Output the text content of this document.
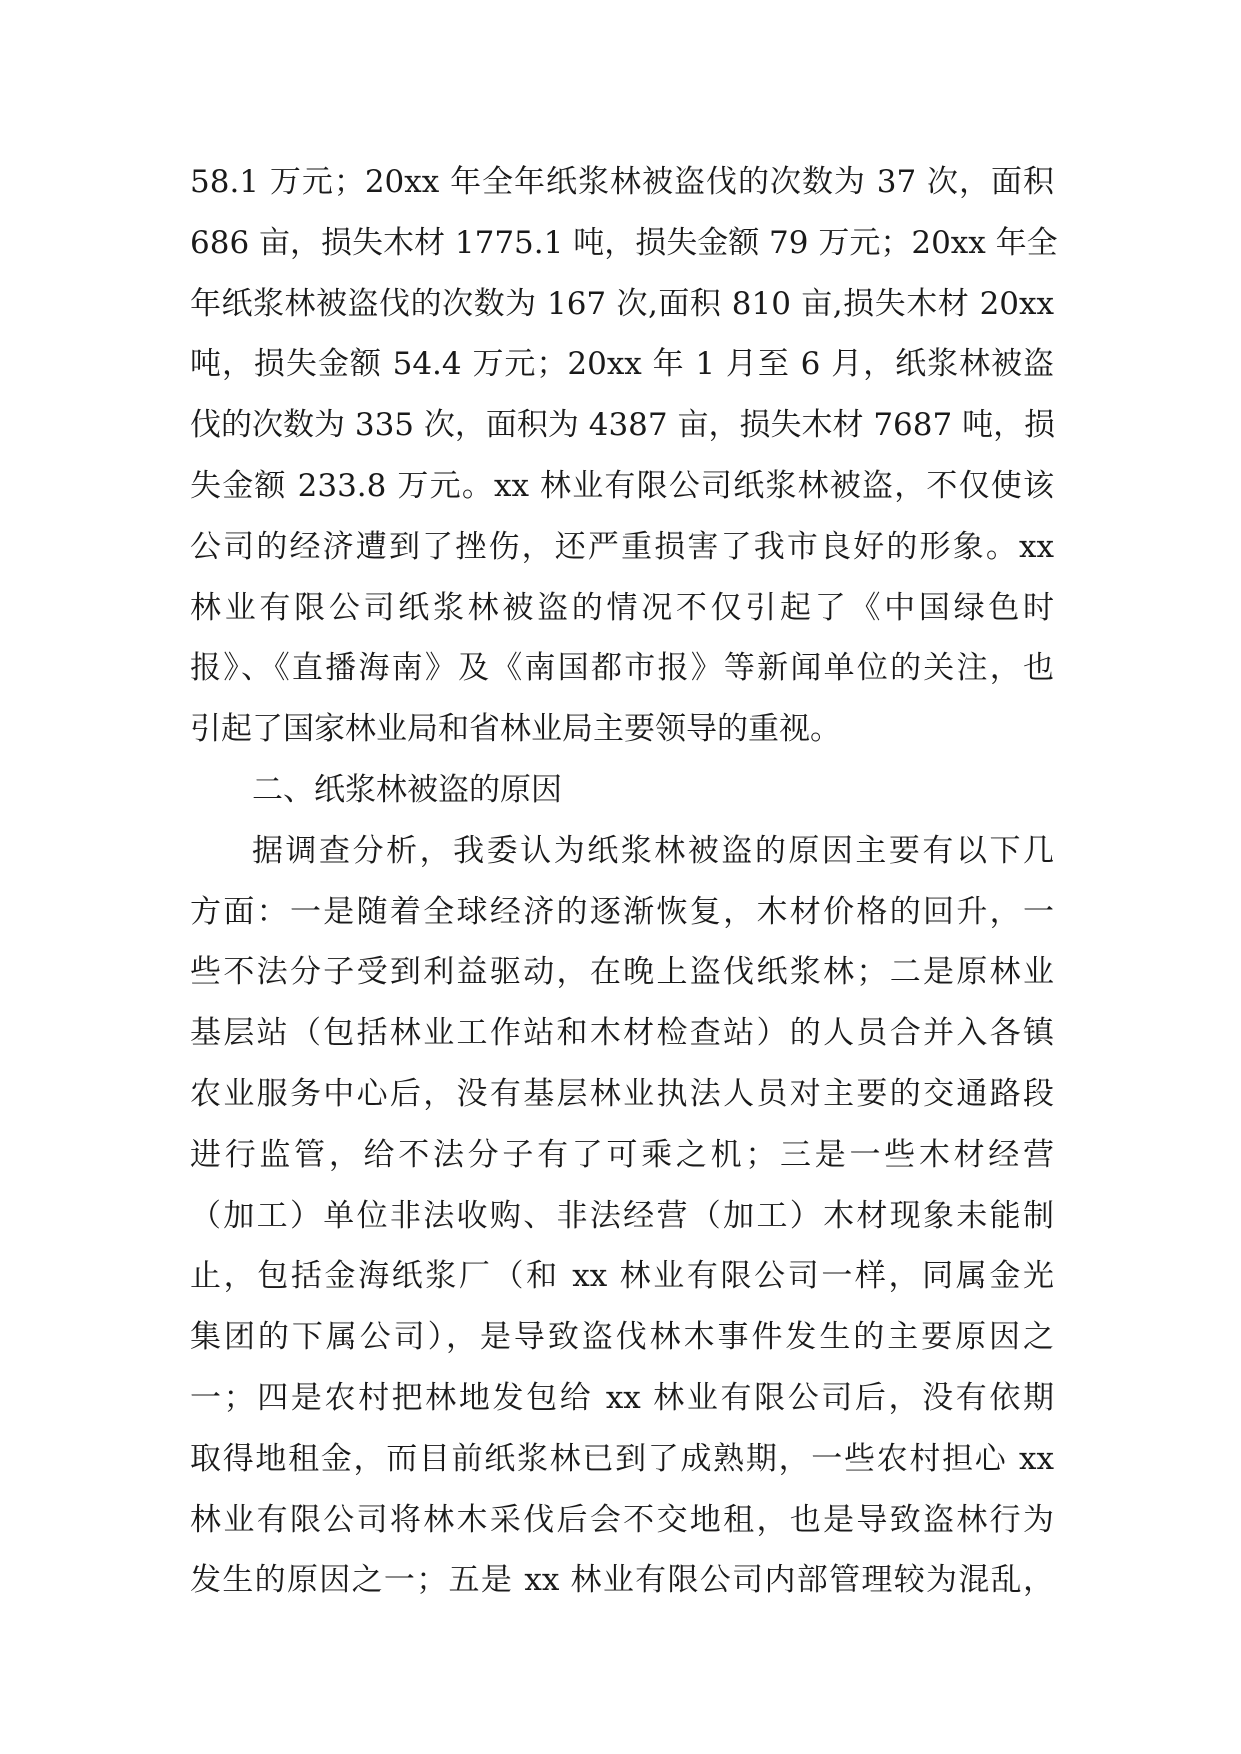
58.1 万元；20xx 年全年纸浆林被盗伐的次数为 37 次，面积
686 亩，损失木材 1775.1 吨，损失金额 79 万元；20xx 年全
年纸浆林被盗伐的次数为 167 次,面积 810 亩,损失木材 20xx
吨，损失金额 54.4 万元；20xx 年 1 月至 6 月，纸浆林被盗
伐的次数为 335 次，面积为 4387 亩，损失木材 7687 吨，损
失金额 233.8 万元。xx 林业有限公司纸浆林被盗，不仅使该
公司的经济遭到了挫伤，还严重损害了我市良好的形象。xx
林业有限公司纸浆林被盗的情况不仅引起了《中国绿色时
报》、《直播海南》及《南国都市报》等新闻单位的关注，也
引起了国家林业局和省林业局主要领导的重视。
二、纸浆林被盗的原因
据调查分析，我委认为纸浆林被盗的原因主要有以下几
方面：一是随着全球经济的逐渐恢复，木材价格的回升，一
些不法分子受到利益驱动，在晚上盗伐纸浆林；二是原林业
基层站（包括林业工作站和木材检查站）的人员合并入各镇
农业服务中心后，没有基层林业执法人员对主要的交通路段
进行监管，给不法分子有了可乘之机；三是一些木材经营
（加工）单位非法收购、非法经营（加工）木材现象未能制
止，包括金海纸浆厂（和 xx 林业有限公司一样，同属金光
集团的下属公司），是导致盗伐林木事件发生的主要原因之
一；四是农村把林地发包给 xx 林业有限公司后，没有依期
取得地租金，而目前纸浆林已到了成熟期，一些农村担心 xx
林业有限公司将林木采伐后会不交地租，也是导致盗林行为
发生的原因之一；五是 xx 林业有限公司内部管理较为混乱，
